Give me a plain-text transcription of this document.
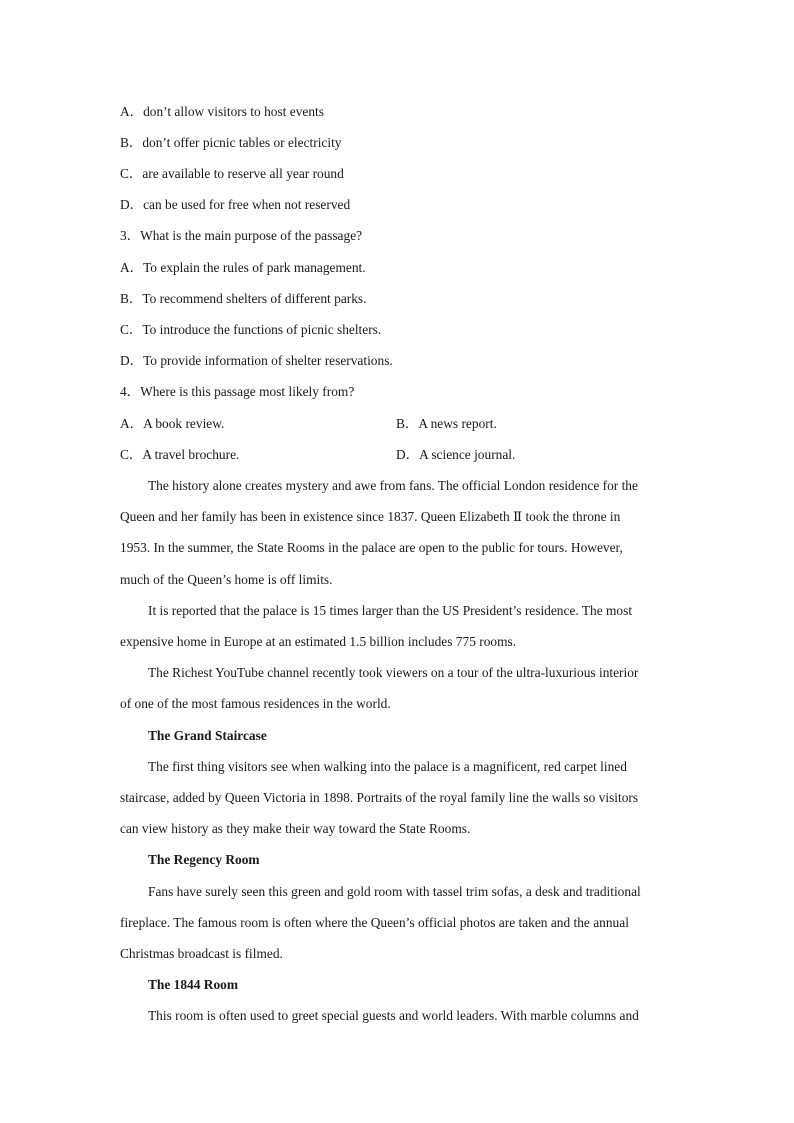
A．don’t allow visitors to host events
B．don’t offer picnic tables or electricity
C．are available to reserve all year round
D．can be used for free when not reserved
3．What is the main purpose of the passage?
A．To explain the rules of park management.
B．To recommend shelters of different parks.
C．To introduce the functions of picnic shelters.
D．To provide information of shelter reservations.
4．Where is this passage most likely from?
A．A book review.	B．A news report.
C．A travel brochure.	D．A science journal.
The history alone creates mystery and awe from fans. The official London residence for the
Queen and her family has been in existence since 1837. Queen Elizabeth Ⅱ took the throne in
1953. In the summer, the State Rooms in the palace are open to the public for tours. However,
much of the Queen’s home is off limits.
It is reported that the palace is 15 times larger than the US President’s residence. The most
expensive home in Europe at an estimated 1.5 billion includes 775 rooms.
The Richest YouTube channel recently took viewers on a tour of the ultra-luxurious interior
of one of the most famous residences in the world.
The Grand Staircase
The first thing visitors see when walking into the palace is a magnificent, red carpet lined
staircase, added by Queen Victoria in 1898. Portraits of the royal family line the walls so visitors
can view history as they make their way toward the State Rooms.
The Regency Room
Fans have surely seen this green and gold room with tassel trim sofas, a desk and traditional
fireplace. The famous room is often where the Queen’s official photos are taken and the annual
Christmas broadcast is filmed.
The 1844 Room
This room is often used to greet special guests and world leaders. With marble columns and
